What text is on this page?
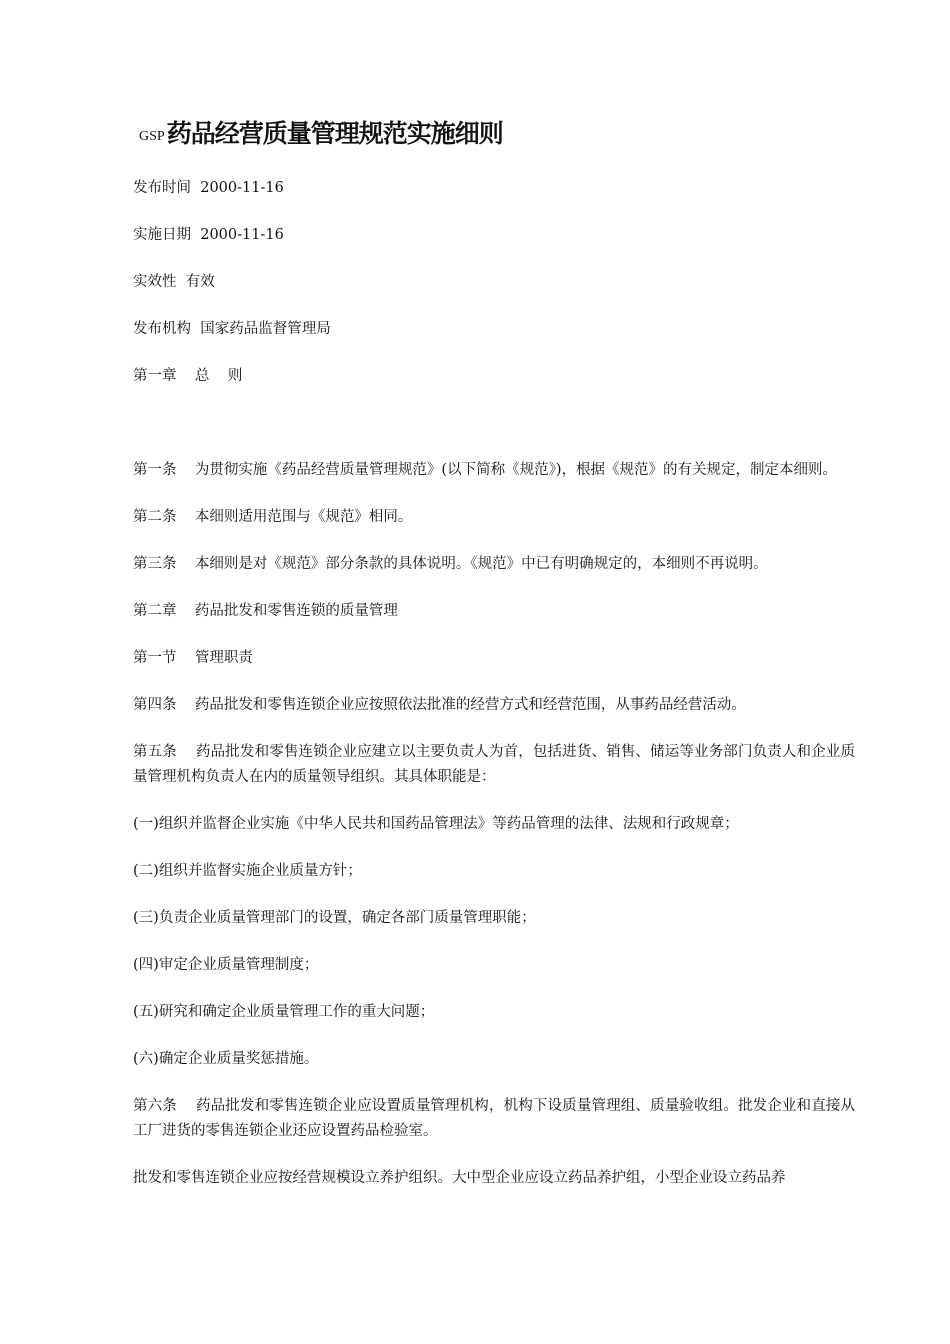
GSP药品经营质量管理规范实施细则

发布时间  2000-11-16

实施日期  2000-11-16

实效性  有效

发布机构  国家药品监督管理局

第一章    总    则

第一条    为贯彻实施《药品经营质量管理规范》(以下简称《规范》)，根据《规范》的有关规定，制定本细则。

第二条    本细则适用范围与《规范》相同。

第三条    本细则是对《规范》部分条款的具体说明。《规范》中已有明确规定的，本细则不再说明。

第二章    药品批发和零售连锁的质量管理

第一节    管理职责

第四条    药品批发和零售连锁企业应按照依法批准的经营方式和经营范围，从事药品经营活动。

第五条    药品批发和零售连锁企业应建立以主要负责人为首，包括进货、销售、储运等业务部门负责人和企业质量管理机构负责人在内的质量领导组织。其具体职能是：

(一)组织并监督企业实施《中华人民共和国药品管理法》等药品管理的法律、法规和行政规章；

(二)组织并监督实施企业质量方针；

(三)负责企业质量管理部门的设置，确定各部门质量管理职能；

(四)审定企业质量管理制度；

(五)研究和确定企业质量管理工作的重大问题；

(六)确定企业质量奖惩措施。

第六条    药品批发和零售连锁企业应设置质量管理机构，机构下设质量管理组、质量验收组。批发企业和直接从工厂进货的零售连锁企业还应设置药品检验室。

批发和零售连锁企业应按经营规模设立养护组织。大中型企业应设立药品养护组，小型企业设立药品养
